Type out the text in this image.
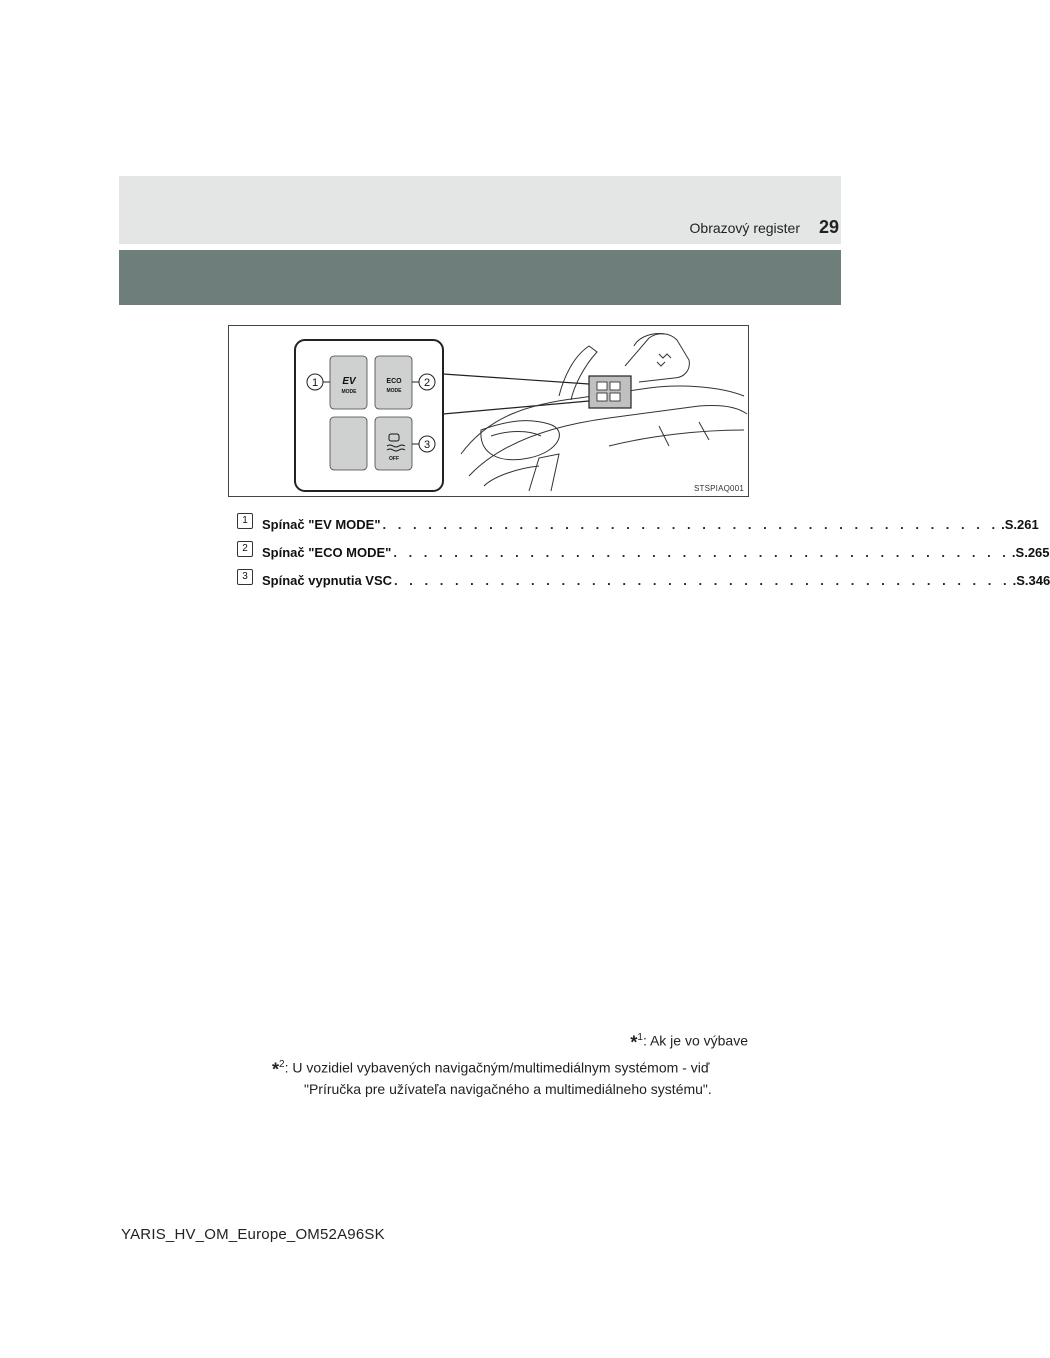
Obrazový register 29
EV
MODE
ECO
MODE
OFF
1	2
3
STSPIAQ001
1	Spínač "EV MODE" . . . . . . . . . . . . . . . . . . . . . . . . . . . . . . . . . . . . . . . . . .S.261
2	Spínač "ECO MODE" . . . . . . . . . . . . . . . . . . . . . . . . . . . . . . . . . . . . . . . . . .S.265
3	Spínač vypnutia VSC . . . . . . . . . . . . . . . . . . . . . . . . . . . . . . . . . . . . . . . . . .S.346
*$^1$: Ak je vo výbave
*$^2$: U vozidiel vybavených navigačným/multimediálnym systémom - viď
"Príručka pre užívateľa navigačného a multimediálneho systému".
YARIS_HV_OM_Europe_OM52A96SK
